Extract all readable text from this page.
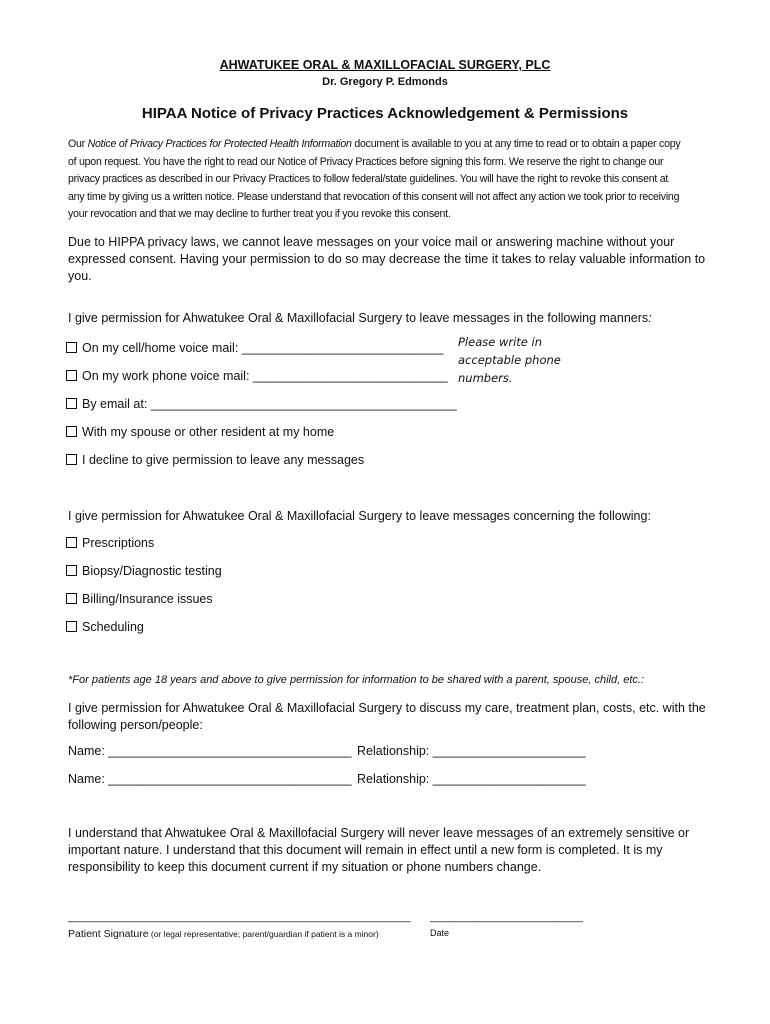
AHWATUKEE ORAL & MAXILLOFACIAL SURGERY, PLC
Dr. Gregory P. Edmonds
HIPAA Notice of Privacy Practices Acknowledgement & Permissions

Our Notice of Privacy Practices for Protected Health Information document is available to you at any time to read or to obtain a paper copy

of upon request. You have the right to read our Notice of Privacy Practices before signing this form. We reserve the right to change our

privacy practices as described in our Privacy Practices to follow federal/state guidelines. You will have the right to revoke this consent at

any time by giving us a written notice. Please understand that revocation of this consent will not affect any action we took prior to receiving

your revocation and that we may decline to further treat you if you revoke this consent.

Due to HIPPA privacy laws, we cannot leave messages on your voice mail or answering machine without your expressed consent. Having your permission to do so may decrease the time it takes to relay valuable information to you.
I give permission for Ahwatukee Oral & Maxillofacial Surgery to leave messages in the following manners:
On my cell/home voice mail: _____________________________
On my work phone voice mail: ____________________________
By email at: ____________________________________________
With my spouse or other resident at my home
I decline to give permission to leave any messages
Please write in
acceptable phone
numbers.
I give permission for Ahwatukee Oral & Maxillofacial Surgery to leave messages concerning the following:
Prescriptions
Biopsy/Diagnostic testing
Billing/Insurance issues
Scheduling
*For patients age 18 years and above to give permission for information to be shared with a parent, spouse, child, etc.:
I give permission for Ahwatukee Oral & Maxillofacial Surgery to discuss my care, treatment plan, costs, etc. with the following person/people:
Name: ___________________________________ Relationship: ______________________
Name: ___________________________________ Relationship: ______________________
I understand that Ahwatukee Oral & Maxillofacial Surgery will never leave messages of an extremely sensitive or important nature. I understand that this document will remain in effect until a new form is completed. It is my responsibility to keep this document current if my situation or phone numbers change.
________________________________________________________
Patient Signature (or legal representative; parent/guardian if patient is a minor)
_________________________
Date
